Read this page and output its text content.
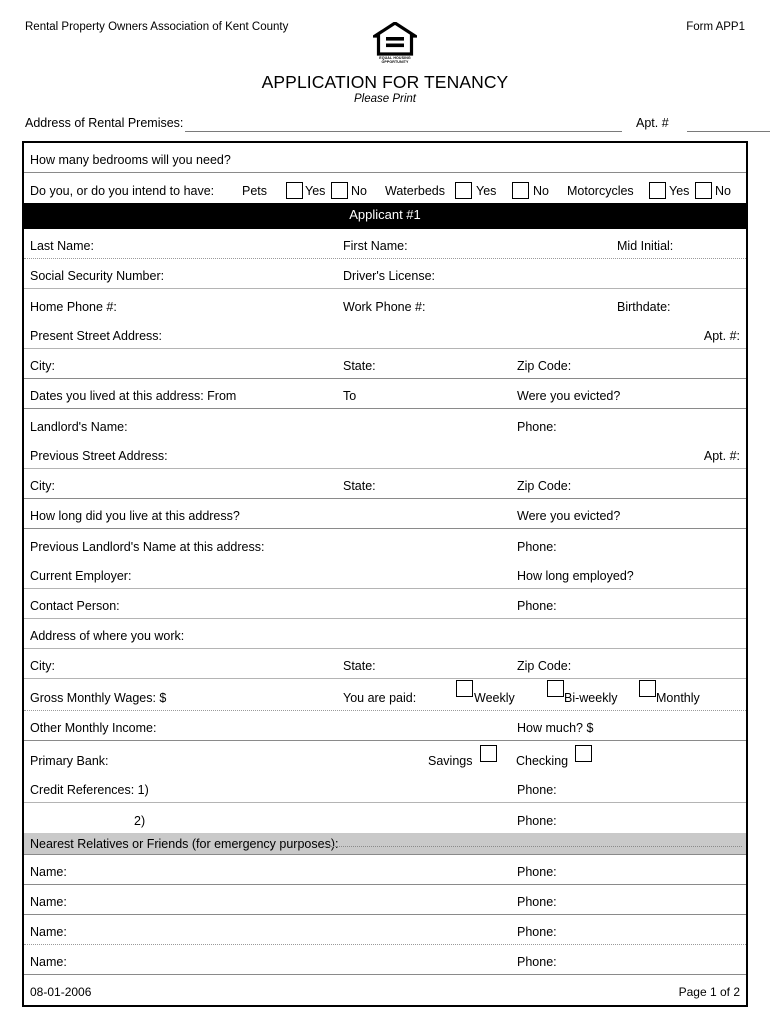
Rental Property Owners Association of Kent County	Form APP1
EQUAL HOUSING
OPPORTUNITY
APPLICATION FOR TENANCY
Please Print
Address of Rental Premises:	Apt. #
How many bedrooms will you need?
Do you, or do you intend to have: Pets	Yes No Waterbeds Yes	No Motorcycles	Yes No
Applicant #1
Last Name:	First Name:	Mid Initial:
Social Security Number:	Driver's License:
Home Phone #:	Work Phone #:	Birthdate:
Present Street Address:	Apt. #:
City:	State:	Zip Code:
Dates you lived at this address: From	To	Were you evicted?
Landlord's Name:	Phone:
Previous Street Address:	Apt. #:
City:	State:	Zip Code:
How long did you live at this address?	Were you evicted?
Previous Landlord's Name at this address:	Phone:
Current Employer:	How long employed?
Contact Person:	Phone:
Address of where you work:
City:	State:	Zip Code:
Gross Monthly Wages: $	You are paid:	Weekly	Bi-weekly	Monthly
Other Monthly Income:	How much? $
Primary Bank:	Savings	Checking
Credit References: 1)	Phone:
2)	Phone:
Nearest Relatives or Friends (for emergency purposes):
Name:	Phone:
Name:	Phone:
Name:	Phone:
Name:	Phone:
08-01-2006	Page 1 of 2
